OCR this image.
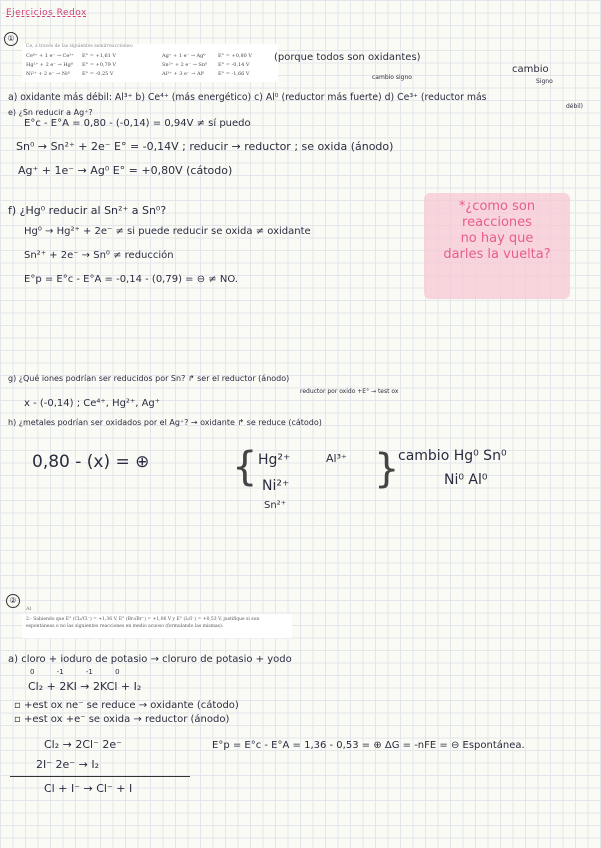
Ejercicios Redox
①
Ce, a través de las siguientes semirreacciones:
Ce⁴⁺ + 1 e⁻ → Ce³⁺ E° = +1,61 V	Ag⁺ + 1 e⁻ → Ag⁰	E° = +0,80 V
Hg²⁺ + 2 e⁻ → Hg⁰ E° = +0,79 V	Sn²⁺ + 2 e⁻ → Sn⁰ E° = -0,14 V
Ni²⁺ + 2 e⁻ → Ni⁰ E° = -0,25 V	Al³⁺ + 3 e⁻ → Al⁰	E° = -1,66 V
(porque todos son oxidantes)
cambio signo
cambio
Signo
a) oxidante más débil: Al³⁺ b) Ce⁴⁺ (más energético) c) Al⁰ (reductor más fuerte) d) Ce³⁺ (reductor más
débil)
e) ¿Sn reducir a Ag⁺?
E°c - E°A = 0,80 - (-0,14) = 0,94V ≠ sí puedo
Sn⁰ → Sn²⁺ + 2e⁻ E° = -0,14V ; reducir → reductor ; se oxida (ánodo)
Ag⁺ + 1e⁻ → Ag⁰ E° = +0,80V (cátodo)
f) ¿Hg⁰ reducir al Sn²⁺ a Sn⁰?
Hg⁰ → Hg²⁺ + 2e⁻ ≠ si puede reducir se oxida ≠ oxidante
Sn²⁺ + 2e⁻ → Sn⁰ ≠ reducción
E°p = E°c - E°A = -0,14 - (0,79) = ⊖ ≠ NO.
*¿como son
reacciones
no hay que
darles la vuelta?
g) ¿Qué iones podrían ser reducidos por Sn? ↱ ser el reductor (ánodo)
reductor por oxido +E° → test ox
x - (-0,14) ; Ce⁴⁺, Hg²⁺, Ag⁺
h) ¿metales podrían ser oxidados por el Ag⁺? → oxidante ↱ se reduce (cátodo)
0,80 - (x) = ⊕ { Hg²⁺
Ni²⁺
Sn²⁺
Al³⁺ }
cambio Hg⁰ Sn⁰
Ni⁰ Al⁰
②
Al
2.- Sabiendo que E° (Cl₂/Cl⁻) = +1,36 V, E° (Br₂/Br⁻) = +1,06 V y E° (I₂/I⁻) = +0,53 V, justifique si son espontáneas o no las siguientes reacciones en medio acuoso (formulando las mismas):
a) cloro + ioduro de potasio → cloruro de potasio + yodo
0 -1 -1 0
Cl₂ + 2KI → 2KCl + I₂
▫ +est ox ne⁻ se reduce → oxidante (cátodo)
▫ +est ox +e⁻ se oxida → reductor (ánodo)
Cl₂ → 2Cl⁻ 2e⁻
2I⁻ 2e⁻ → I₂
Cl + I⁻ → Cl⁻ + I
E°p = E°c - E°A = 1,36 - 0,53 = ⊕ ΔG = -nFE = ⊖ Espontánea.
